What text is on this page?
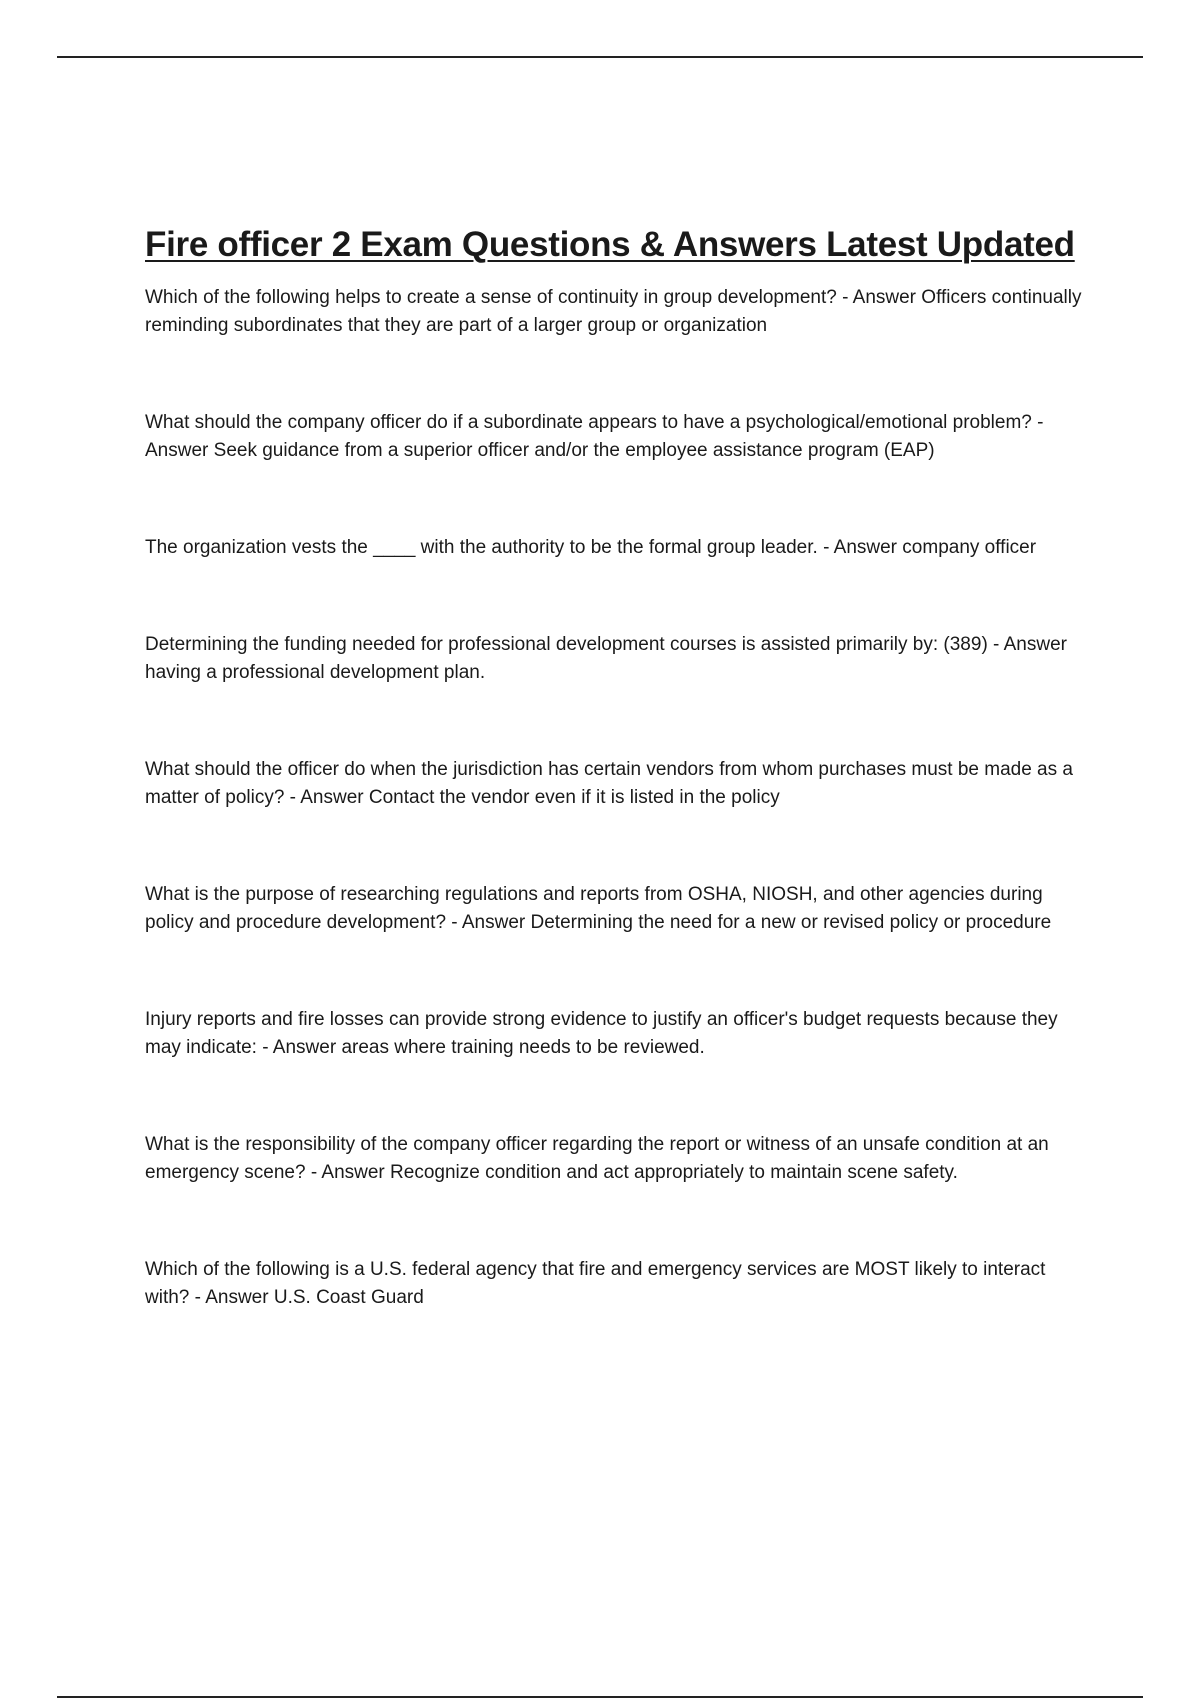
Fire officer 2 Exam Questions & Answers Latest Updated
Which of the following helps to create a sense of continuity in group development? - Answer Officers continually reminding subordinates that they are part of a larger group or organization
What should the company officer do if a subordinate appears to have a psychological/emotional problem?- Answer Seek guidance from a superior officer and/or the employee assistance program (EAP)
The organization vests the ____ with the authority to be the formal group leader. - Answer company officer
Determining the funding needed for professional development courses is assisted primarily by: (389) - Answerhaving a professional development plan.
What should the officer do when the jurisdiction has certain vendors from whom purchases must be made as a matter of policy? - Answer Contact the vendor even if it is listed in the policy
What is the purpose of researching regulations and reports from OSHA, NIOSH, and other agencies during policy and procedure development? - Answer Determining the need for a new or revised policy or procedure
Injury reports and fire losses can provide strong evidence to justify an officer's budget requests because they may indicate: - Answer areas where training needs to be reviewed.
What is the responsibility of the company officer regarding the report or witness of an unsafe condition at an emergency scene? - Answer Recognize condition and act appropriately to maintain scene safety.
Which of the following is a U.S. federal agency that fire and emergency services are MOST likely to interact with? - Answer U.S. Coast Guard
